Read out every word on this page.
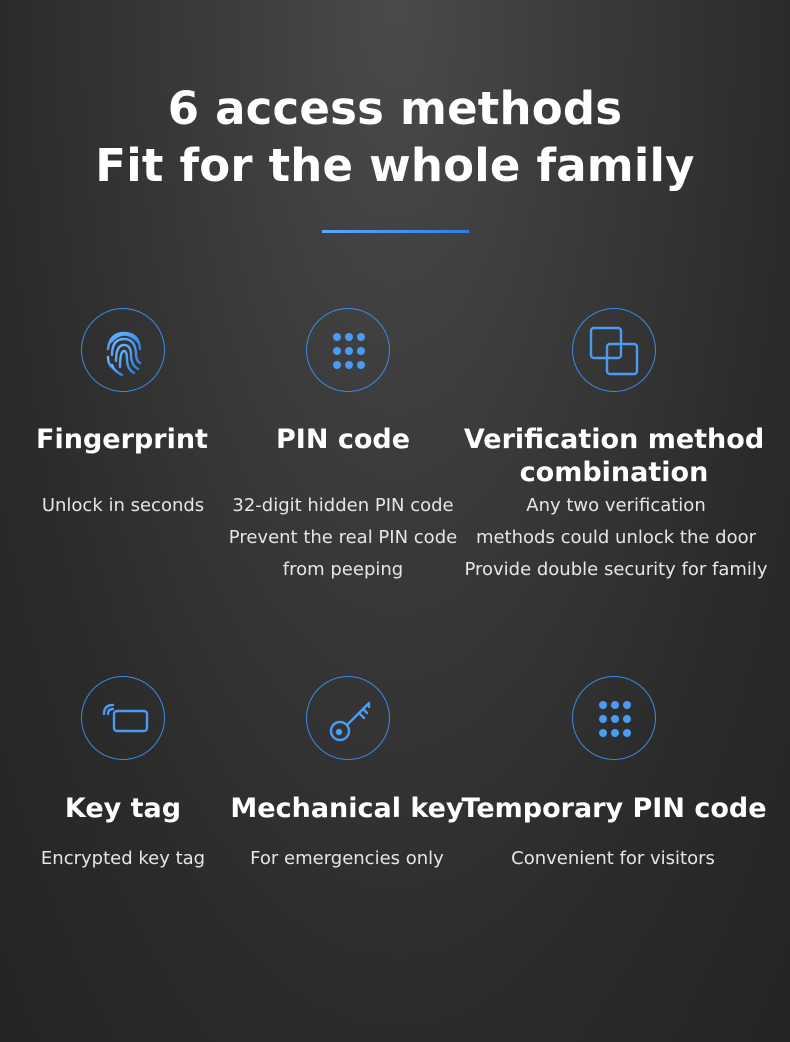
6 access methods
Fit for the whole family
Fingerprint
Unlock in seconds
PIN code
32-digit hidden PIN code
Prevent the real PIN code
from peeping
Verification method
combination
Any two verification
methods could unlock the door
Provide double security for family
Key tag
Encrypted key tag
Mechanical key
For emergencies only
Temporary PIN code
Convenient for visitors
